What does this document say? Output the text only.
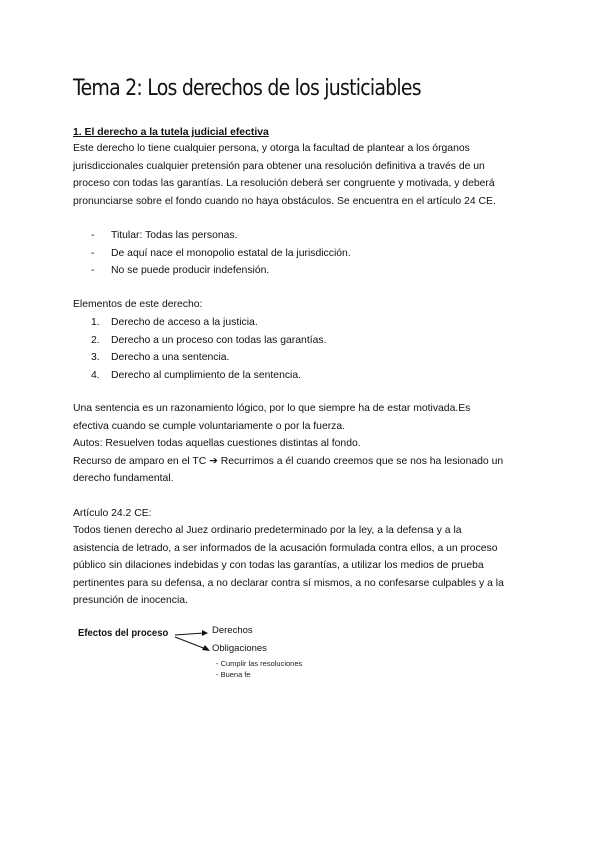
Tema 2: Los derechos de los justiciables

1. El derecho a la tutela judicial efectiva

Este derecho lo tiene cualquier persona, y otorga la facultad de plantear a los órganos

jurisdiccionales cualquier pretensión para obtener una resolución definitiva a través de un

proceso con todas las garantías. La resolución deberá ser congruente y motivada, y deberá

pronunciarse sobre el fondo cuando no haya obstáculos. Se encuentra en el artículo 24 CE.

- Titular: Todas las personas.
- De aquí nace el monopolio estatal de la jurisdicción.
- No se puede producir indefensión.

Elementos de este derecho:

1. Derecho de acceso a la justicia.
2. Derecho a un proceso con todas las garantías.
3. Derecho a una sentencia.
4. Derecho al cumplimiento de la sentencia.

Una sentencia es un razonamiento lógico, por lo que siempre ha de estar motivada.Es

efectiva cuando se cumple voluntariamente o por la fuerza.

Autos: Resuelven todas aquellas cuestiones distintas al fondo.

Recurso de amparo en el TC ➔ Recurrimos a él cuando creemos que se nos ha lesionado un

derecho fundamental.

Artículo 24.2 CE:

Todos tienen derecho al Juez ordinario predeterminado por la ley, a la defensa y a la

asistencia de letrado, a ser informados de la acusación formulada contra ellos, a un proceso

público sin dilaciones indebidas y con todas las garantías, a utilizar los medios de prueba

pertinentes para su defensa, a no declarar contra sí mismos, a no confesarse culpables y a la

presunción de inocencia.

Efectos del proceso	Derechos
Obligaciones
- Cumplir las resoluciones
- Buena fe
